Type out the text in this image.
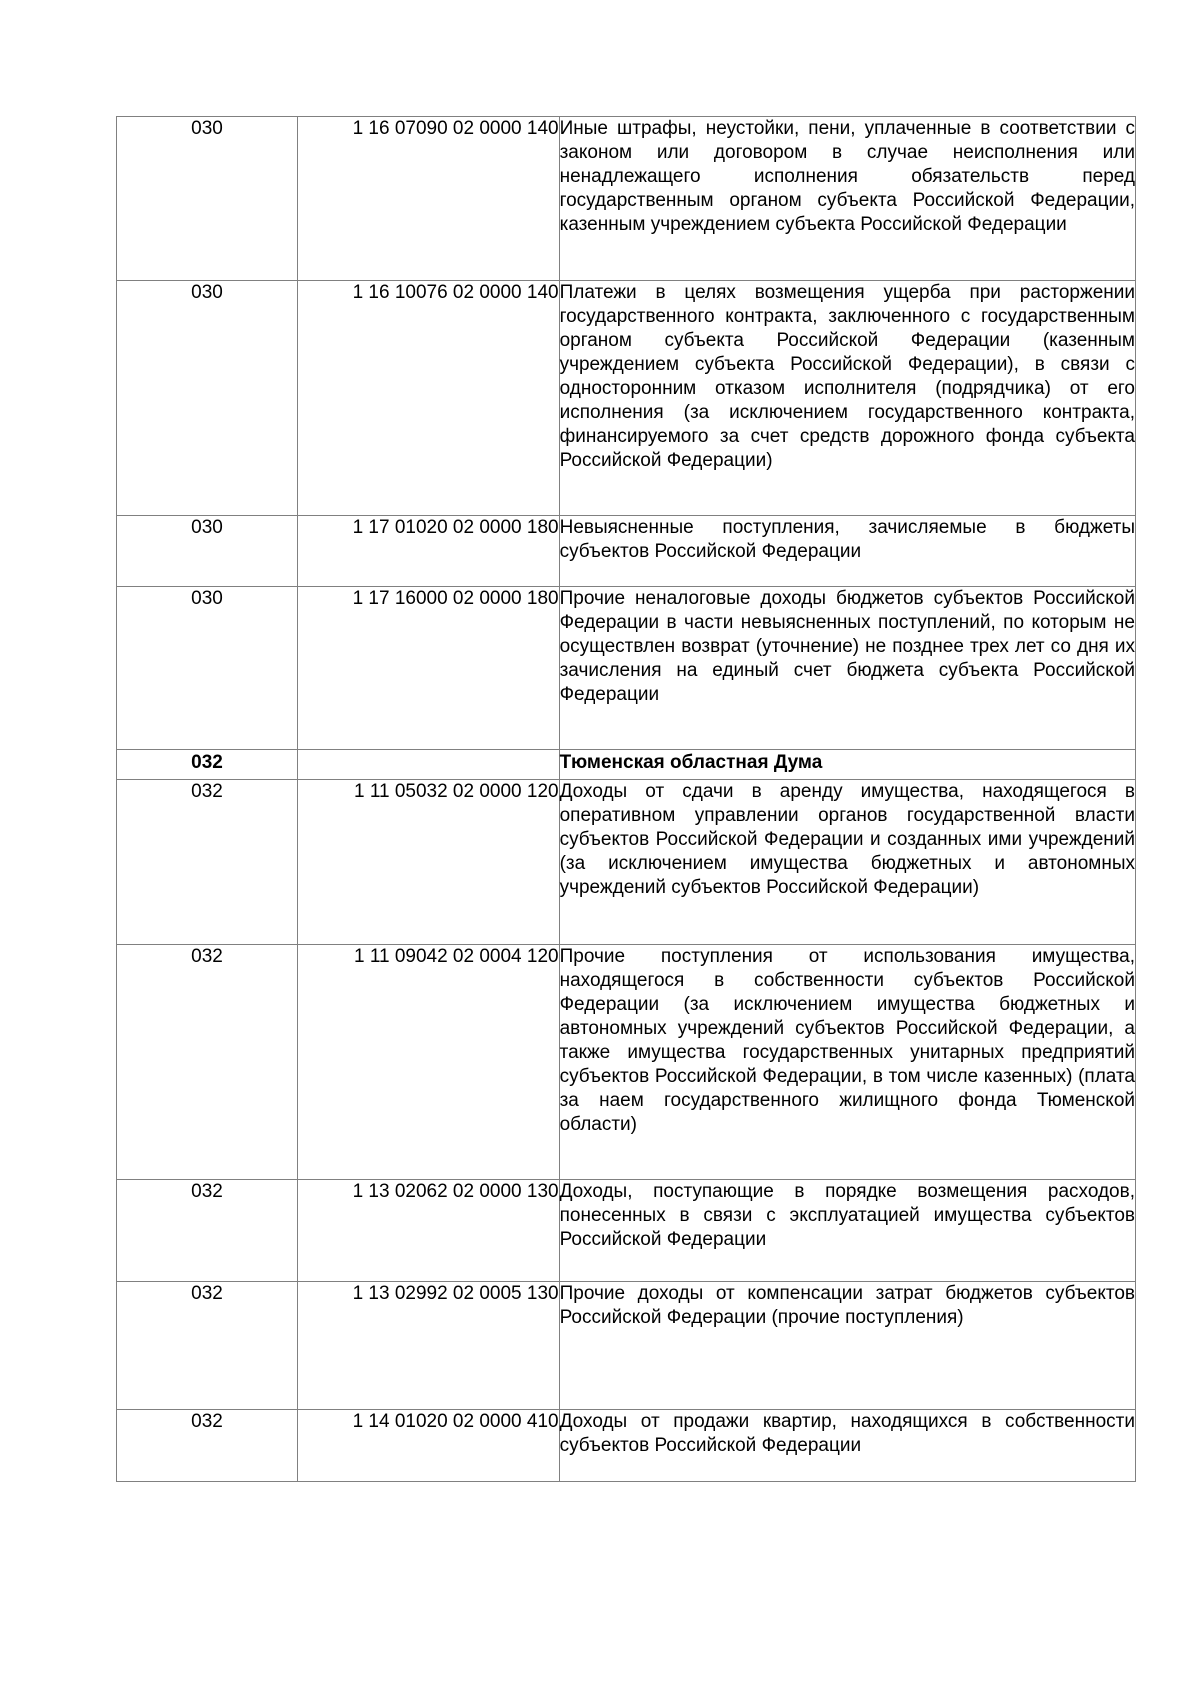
030	1 16 07090 02 0000 140	Иные штрафы, неустойки, пени, уплаченные в соответствии с законом или договором в случае неисполнения или ненадлежащего исполнения обязательств перед государственным органом субъекта Российской Федерации, казенным учреждением субъекта Российской Федерации
030	1 16 10076 02 0000 140	Платежи в целях возмещения ущерба при расторжении государственного контракта, заключенного с государственным органом субъекта Российской Федерации (казенным учреждением субъекта Российской Федерации), в связи с односторонним отказом исполнителя (подрядчика) от его исполнения (за исключением государственного контракта, финансируемого за счет средств дорожного фонда субъекта Российской Федерации)
030	1 17 01020 02 0000 180	Невыясненные поступления, зачисляемые в бюджеты субъектов Российской Федерации
030	1 17 16000 02 0000 180	Прочие неналоговые доходы бюджетов субъектов Российской Федерации в части невыясненных поступлений, по которым не осуществлен возврат (уточнение) не позднее трех лет со дня их зачисления на единый счет бюджета субъекта Российской Федерации
032		Тюменская областная Дума
032	1 11 05032 02 0000 120	Доходы от сдачи в аренду имущества, находящегося в оперативном управлении органов государственной власти субъектов Российской Федерации и созданных ими учреждений (за исключением имущества бюджетных и автономных учреждений субъектов Российской Федерации)
032	1 11 09042 02 0004 120	Прочие поступления от использования имущества, находящегося в собственности субъектов Российской Федерации (за исключением имущества бюджетных и автономных учреждений субъектов Российской Федерации, а также имущества государственных унитарных предприятий субъектов Российской Федерации, в том числе казенных) (плата за наем государственного жилищного фонда Тюменской области)
032	1 13 02062 02 0000 130	Доходы, поступающие в порядке возмещения расходов, понесенных в связи с эксплуатацией имущества субъектов Российской Федерации
032	1 13 02992 02 0005 130	Прочие доходы от компенсации затрат бюджетов субъектов Российской Федерации (прочие поступления)
032	1 14 01020 02 0000 410	Доходы от продажи квартир, находящихся в собственности субъектов Российской Федерации
